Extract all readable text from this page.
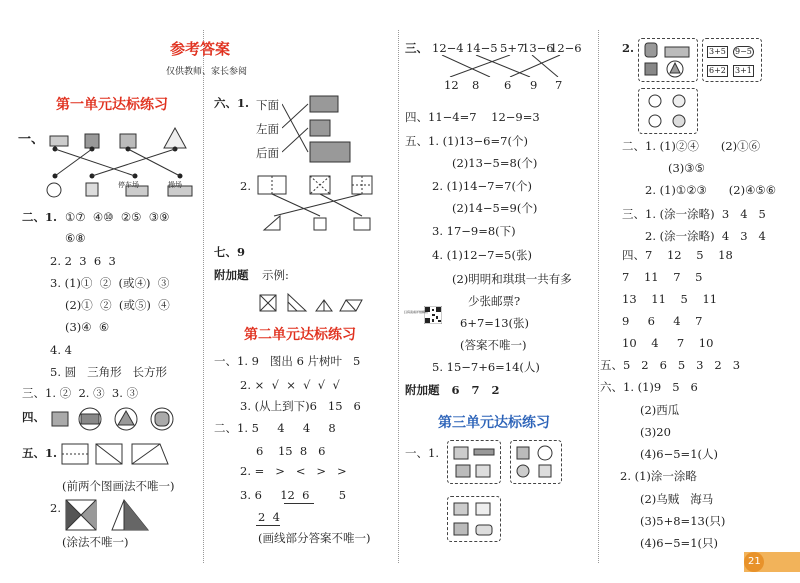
参考答案
仅供教师、家长参阅
第一单元达标练习
一、
停车场	操场
二、1. ①⑦  ④⑩  ②⑤  ③⑨
⑥⑧
2. 2  3  6  3
3. (1)①  ②  (或④)  ③
(2)①  ②  (或⑤)  ④
(3)④  ⑥
4. 4
5. 圆   三角形   长方形
三、1. ②  2. ③  3. ③
四、
五、1.
(前两个图画法不唯一)
2.
(涂法不唯一)
六、1. 下面
左面
后面
2.
七、9
附加题 示例:
第二单元达标练习
一、1. 9   图出 6 片树叶   5
2. ×  √  ×  √  √  √
3. (从上到下)6   15   6
二、1. 5     4     4     8
6    15  8   6
2. =   >   <   >   >
3. 6     12  6        5
2  4
(画线部分答案不唯一)
三、 12−4 14−5 5+7
13−6
12−6
12 8 6 9 7
四、11−4=7    12−9=3
五、1. (1)13−6=7(个)
(2)13−5=8(个)
2. (1)14−7=7(个)
(2)14−5=9(个)
3. 17−9=8(下)
4. (1)12−7=5(张)
(2)明明和琪琪一共有多
少张邮票?
6+7=13(张)
(答案不唯一)
扫码查看详细解析
5. 15−7+6=14(人)
附加题   6   7   2
第三单元达标练习
一、1.
2.	3+5 9−5
6+2 3+1
二、1. (1)②④      (2)①⑥
(3)③⑤
2. (1)①②③      (2)④⑤⑥
三、1. (涂一涂略)  3   4   5
2. (涂一涂略)  4   3   4
四、7    12    5    18
7    11    7    5
13    11    5    11
9     6     4    7
10    4     7    10
五、5   2   6   5   3   2   3
六、1. (1)9   5   6
(2)西瓜
(3)20
(4)6−5=1(人)
2. (1)涂一涂略
(2)乌贼   海马
(3)5+8=13(只)
(4)6−5=1(只)
21
